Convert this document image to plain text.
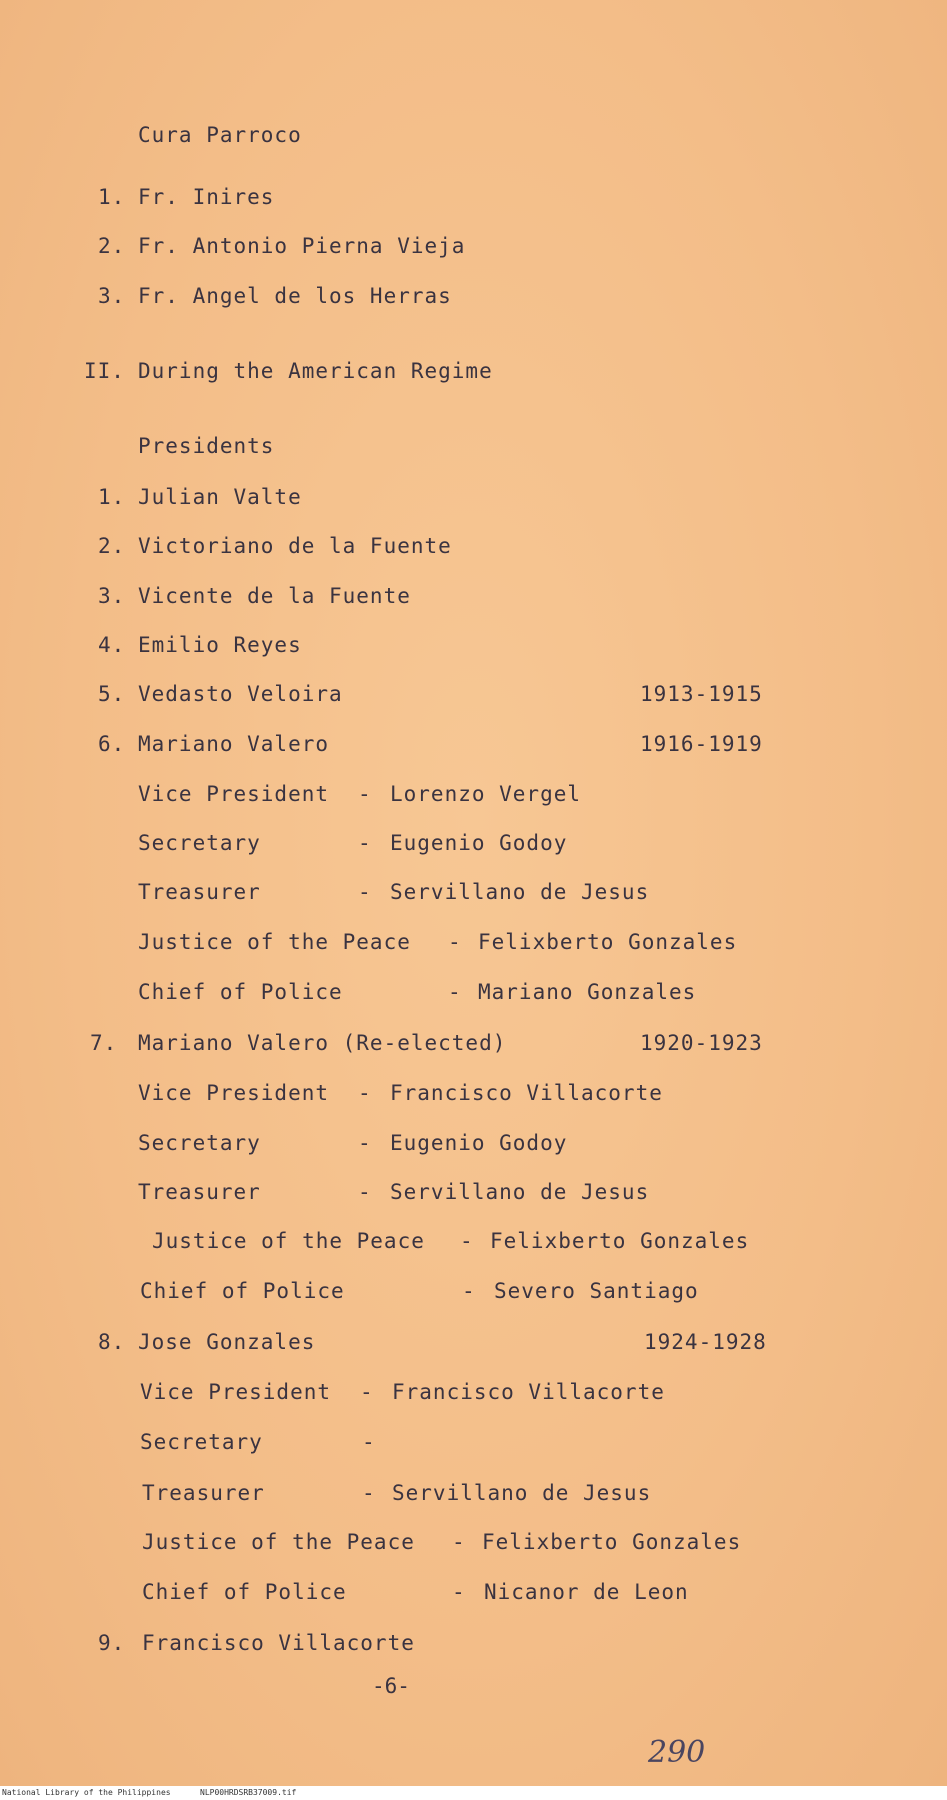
Cura Parroco
1. Fr. Inires
2. Fr. Antonio Pierna Vieja
3. Fr. Angel de los Herras
II. During the American Regime
Presidents
1. Julian Valte
2. Victoriano de la Fuente
3. Vicente de la Fuente
4. Emilio Reyes
5. Vedasto Veloira	1913-1915
6. Mariano Valero	1916-1919
Vice President - Lorenzo Vergel
Secretary	- Eugenio Godoy
Treasurer	- Servillano de Jesus
Justice of the Peace - Felixberto Gonzales
Chief of Police	- Mariano Gonzales
7. Mariano Valero (Re-elected)	1920-1923
Vice President - Francisco Villacorte
Secretary	- Eugenio Godoy
Treasurer	- Servillano de Jesus
Justice of the Peace - Felixberto Gonzales
Chief of Police	- Severo Santiago
8. Jose Gonzales	1924-1928
Vice President - Francisco Villacorte
Secretary	-
Treasurer	- Servillano de Jesus
Justice of the Peace - Felixberto Gonzales
Chief of Police	- Nicanor de Leon
9. Francisco Villacorte
-6-
290
National Library of the Philippines	NLP00HRDSRB37009.tif
